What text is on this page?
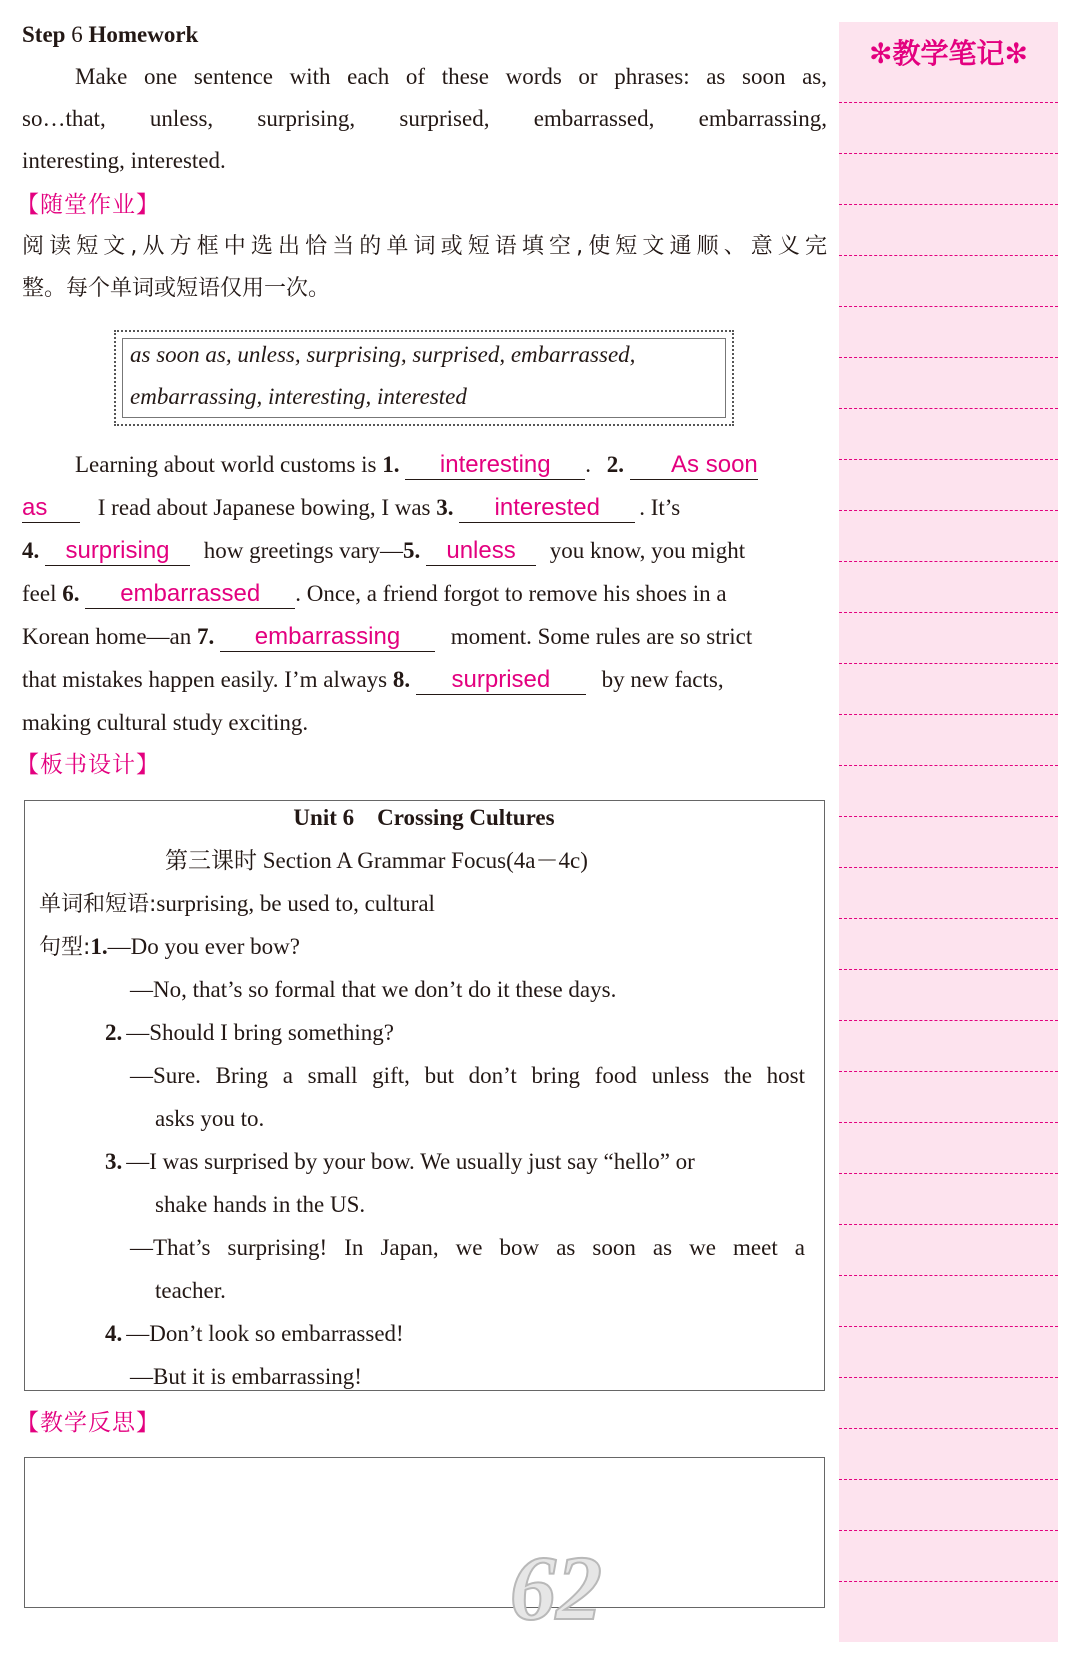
Step 6 Homework
Make one sentence with each of these words or phrases: as soon as,
so…that, unless, surprising, surprised, embarrassed, embarrassing,
interesting, interested.
【随堂作业】
阅读短文,从方框中选出恰当的单词或短语填空,使短文通顺、意义完
整。每个单词或短语仅用一次。
as soon as, unless, surprising, surprised, embarrassed,
embarrassing, interesting, interested
Learning about world customs is 1. interesting . 2. As soon
as I read about Japanese bowing, I was 3. interested . It’s
4. surprising how greetings vary—5. unless you know, you might
feel 6. embarrassed . Once, a friend forgot to remove his shoes in a
Korean home—an 7. embarrassing moment. Some rules are so strict
that mistakes happen easily. I’m always 8. surprised by new facts,
making cultural study exciting.
【板书设计】
Unit 6 Crossing Cultures
第三课时 Section A Grammar Focus(4a－4c)
单词和短语:surprising, be used to, cultural
句型:1.—Do you ever bow?
—No, that’s so formal that we don’t do it these days.
2. —Should I bring something?
—Sure. Bring a small gift, but don’t bring food unless the host
asks you to.
3. —I was surprised by your bow. We usually just say “hello” or
shake hands in the US.
—That’s surprising! In Japan, we bow as soon as we meet a
teacher.
4. —Don’t look so embarrassed!
—But it is embarrassing!
【教学反思】
62
✻教学笔记✻
